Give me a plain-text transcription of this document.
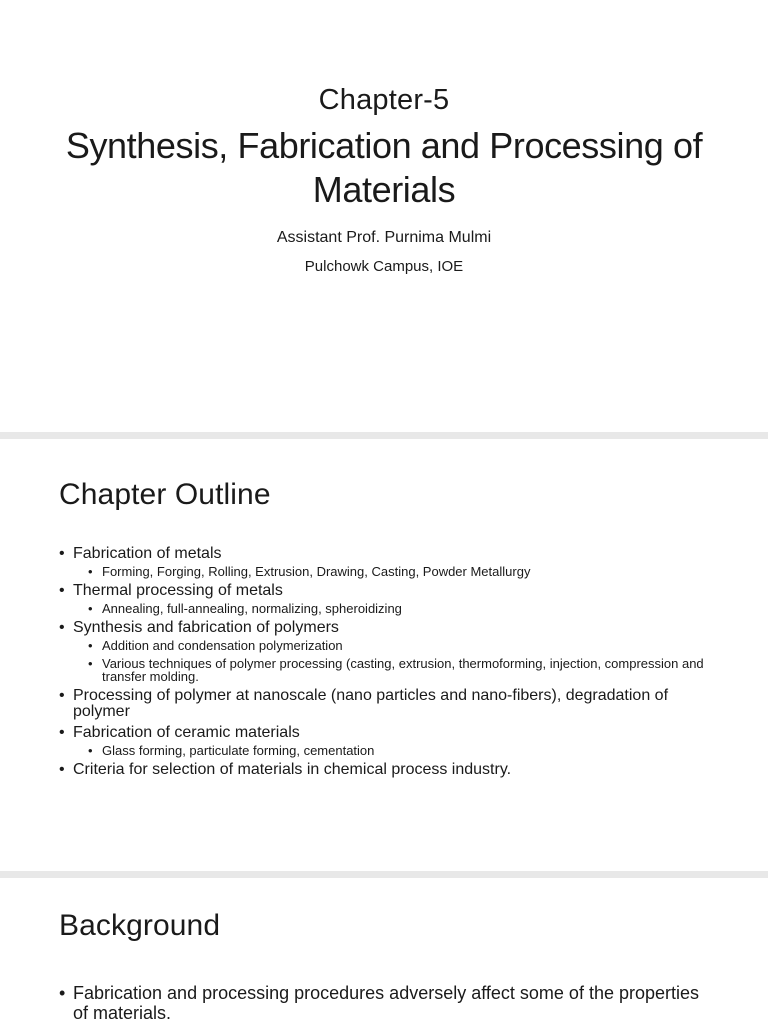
Chapter-5
Synthesis, Fabrication and Processing of Materials
Assistant Prof. Purnima Mulmi
Pulchowk Campus, IOE
Chapter Outline
• Fabrication of metals
• Forming, Forging, Rolling, Extrusion, Drawing, Casting, Powder Metallurgy
• Thermal processing of metals
• Annealing, full-annealing, normalizing, spheroidizing
• Synthesis and fabrication of polymers
• Addition and condensation polymerization
• Various techniques of polymer processing (casting, extrusion, thermoforming, injection, compression and transfer molding.
• Processing of polymer at nanoscale (nano particles and nano-fibers), degradation of polymer
• Fabrication of ceramic materials
• Glass forming, particulate forming, cementation
• Criteria for selection of materials in chemical process industry.
Background
• Fabrication and processing procedures adversely affect some of the properties of materials.
